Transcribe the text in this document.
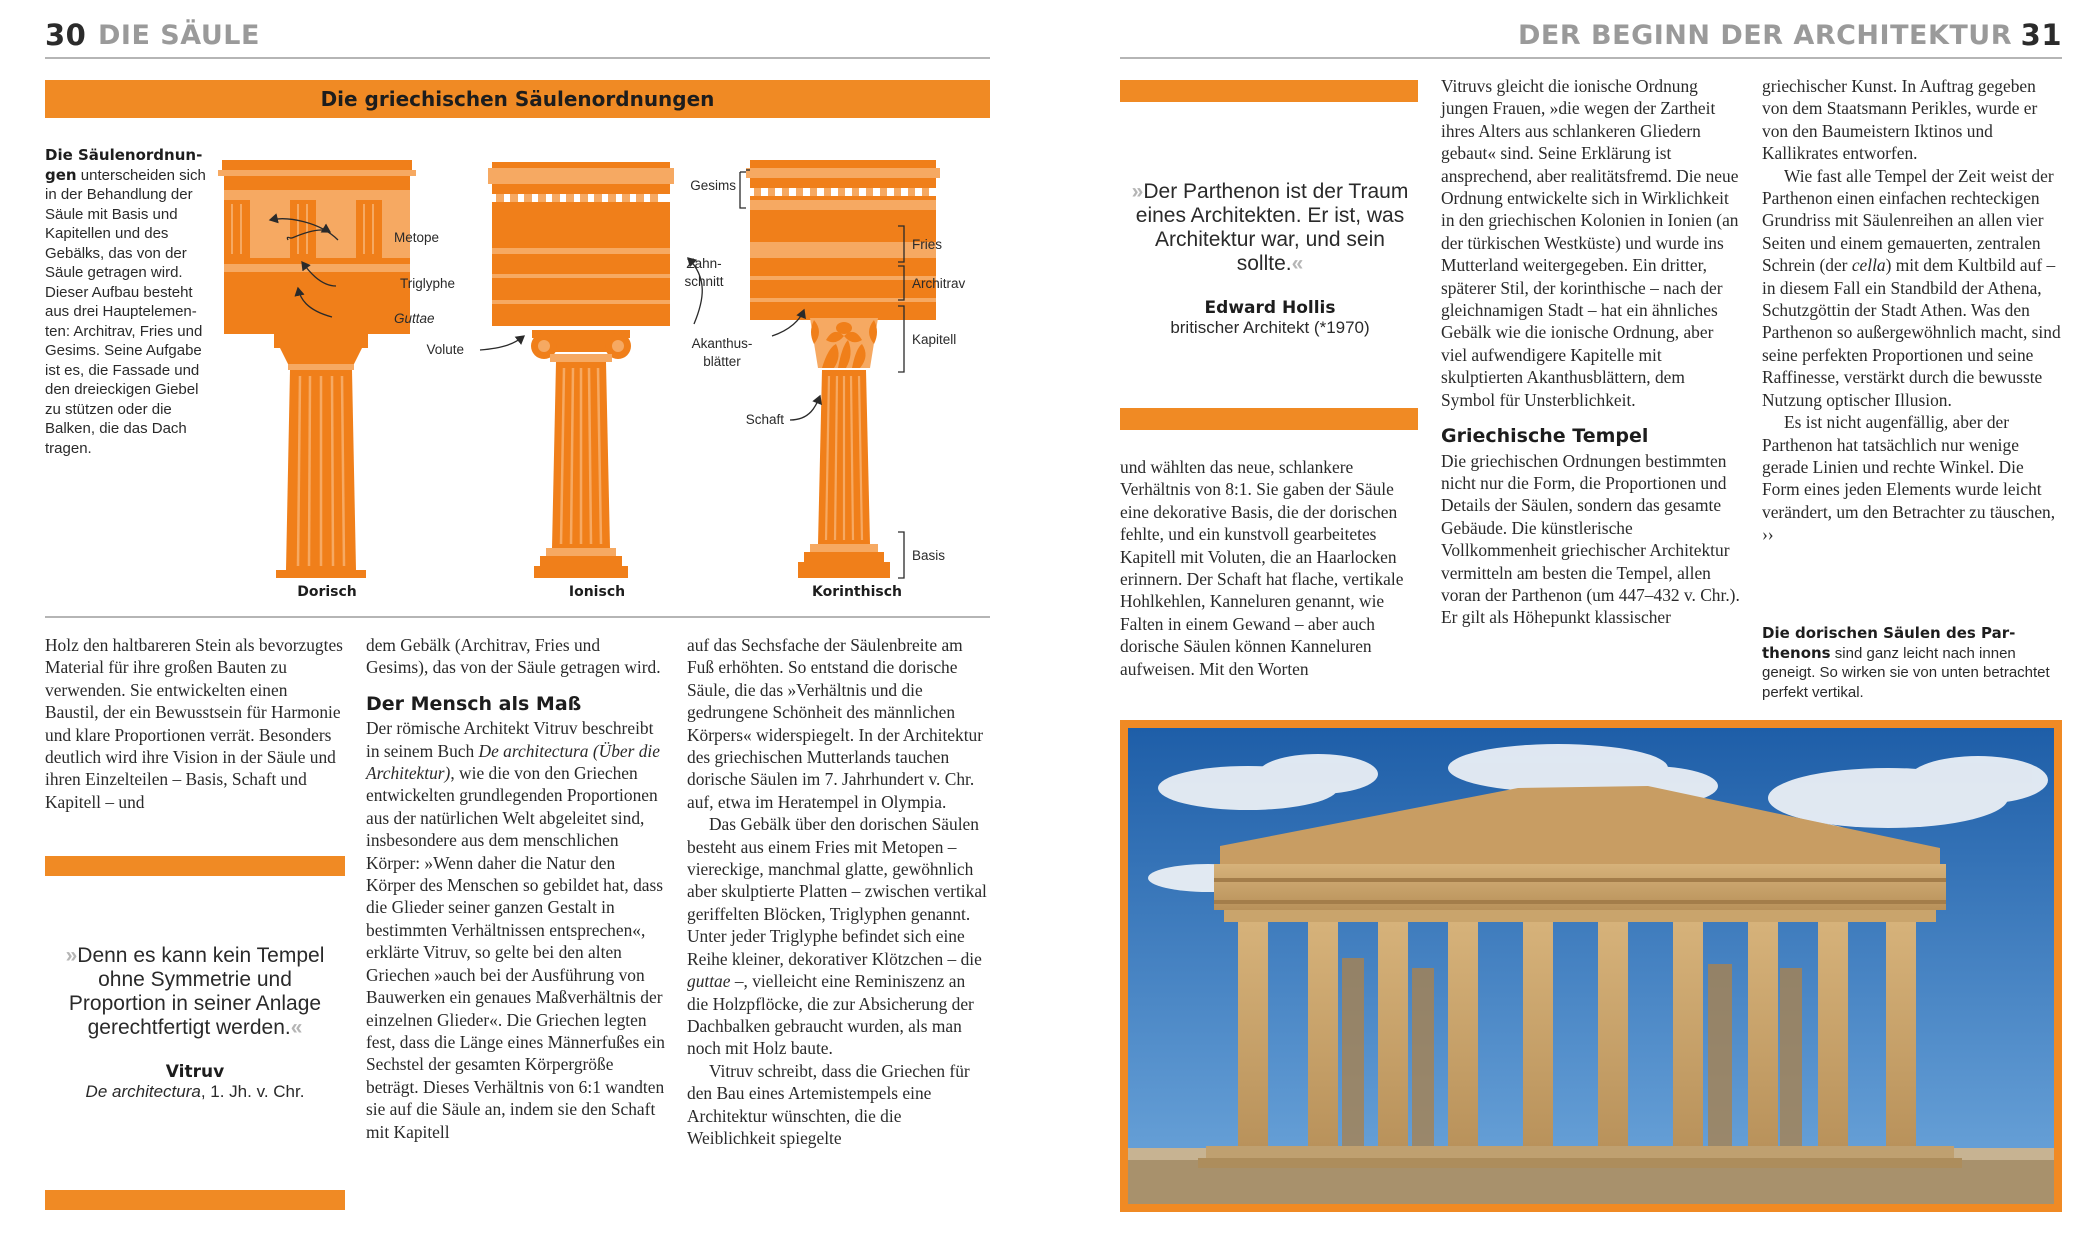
30 DIE SÄULE	DER BEGINN DER ARCHITEKTUR 31
Die griechischen Säulenordnungen
Die Säulenordnungen unterscheiden sich in der Behandlung der Säule mit Basis und Kapitellen und des Gebälks, das von der Säule getragen wird. Dieser Aufbau besteht aus drei Hauptelementen: Architrav, Fries und Gesims. Seine Aufgabe ist es, die Fassade und den dreieckigen Giebel zu stützen oder die Balken, die das Dach tragen.
Metope
Triglyphe
Guttae
Volute
Gesims
Zahn-
schnitt
Akanthus-
blätter
Schaft
Fries
Architrav
Kapitell
Basis
Dorisch	Ionisch	Korinthisch

Holz den haltbareren Stein als bevorzugtes Material für ihre großen Bauten zu verwenden. Sie entwickelten einen Baustil, der ein Bewusstsein für Harmonie und klare Proportionen verrät. Besonders deutlich wird ihre Vision in der Säule und ihren Einzelteilen – Basis, Schaft und Kapitell – und

»Denn es kann kein Tempel ohne Symmetrie und Proportion in seiner Anlage gerechtfertigt werden.«
Vitruv
De architectura, 1. Jh. v. Chr.

dem Gebälk (Architrav, Fries und Gesims), das von der Säule getragen wird.

Der Mensch als Maß

Der römische Architekt Vitruv beschreibt in seinem Buch De architectura (Über die Architektur), wie die von den Griechen entwickelten grundlegenden Proportionen aus der natürlichen Welt abgeleitet sind, insbesondere aus dem menschlichen Körper: »Wenn daher die Natur den Körper des Menschen so gebildet hat, dass die Glieder seiner ganzen Gestalt in bestimmten Verhältnissen entsprechen«, erklärte Vitruv, so gelte bei den alten Griechen »auch bei der Ausführung von Bauwerken ein genaues Maßverhältnis der einzelnen Glieder«. Die Griechen legten fest, dass die Länge eines Männerfußes ein Sechstel der gesamten Körpergröße beträgt. Dieses Verhältnis von 6:1 wandten sie auf die Säule an, indem sie den Schaft mit Kapitell

auf das Sechsfache der Säulenbreite am Fuß erhöhten. So entstand die dorische Säule, die das »Verhältnis und die gedrungene Schönheit des männlichen Körpers« widerspiegelt. In der Architektur des griechischen Mutterlands tauchen dorische Säulen im 7. Jahrhundert v. Chr. auf, etwa im Heratempel in Olympia.

Das Gebälk über den dorischen Säulen besteht aus einem Fries mit Metopen – viereckige, manchmal glatte, gewöhnlich aber skulptierte Platten – zwischen vertikal geriffelten Blöcken, Triglyphen genannt. Unter jeder Triglyphe befindet sich eine Reihe kleiner, dekorativer Klötzchen – die guttae –, vielleicht eine Reminiszenz an die Holzpflöcke, die zur Absicherung der Dachbalken gebraucht wurden, als man noch mit Holz baute.

Vitruv schreibt, dass die Griechen für den Bau eines Artemistempels eine Architektur wünschten, die die Weiblichkeit spiegelte

»Der Parthenon ist der Traum eines Architekten. Er ist, was Architektur war, und sein sollte.«
Edward Hollis
britischer Architekt (*1970)

und wählten das neue, schlankere Verhältnis von 8:1. Sie gaben der Säule eine dekorative Basis, die der dorischen fehlte, und ein kunstvoll gearbeitetes Kapitell mit Voluten, die an Haarlocken erinnern. Der Schaft hat flache, vertikale Hohlkehlen, Kanneluren genannt, wie Falten in einem Gewand – aber auch dorische Säulen können Kanneluren aufweisen. Mit den Worten

Vitruvs gleicht die ionische Ordnung jungen Frauen, »die wegen der Zartheit ihres Alters aus schlankeren Gliedern gebaut« sind. Seine Erklärung ist ansprechend, aber realitätsfremd. Die neue Ordnung entwickelte sich in Wirklichkeit in den griechischen Kolonien in Ionien (an der türkischen Westküste) und wurde ins Mutterland weitergegeben. Ein dritter, späterer Stil, der korinthische – nach der gleichnamigen Stadt – hat ein ähnliches Gebälk wie die ionische Ordnung, aber viel aufwendigere Kapitelle mit skulptierten Akanthusblättern, dem Symbol für Unsterblichkeit.

Griechische Tempel

Die griechischen Ordnungen bestimmten nicht nur die Form, die Proportionen und Details der Säulen, sondern das gesamte Gebäude. Die künstlerische Vollkommenheit griechischer Architektur vermitteln am besten die Tempel, allen voran der Parthenon (um 447–432 v. Chr.). Er gilt als Höhepunkt klassischer

griechischer Kunst. In Auftrag gegeben von dem Staatsmann Perikles, wurde er von den Baumeistern Iktinos und Kallikrates entworfen.

Wie fast alle Tempel der Zeit weist der Parthenon einen einfachen rechteckigen Grundriss mit Säulenreihen an allen vier Seiten und einem gemauerten, zentralen Schrein (der cella) mit dem Kultbild auf – in diesem Fall ein Standbild der Athena, Schutzgöttin der Stadt Athen. Was den Parthenon so außergewöhnlich macht, sind seine perfekten Proportionen und seine Raffinesse, verstärkt durch die bewusste Nutzung optischer Illusion.

Es ist nicht augenfällig, aber der Parthenon hat tatsächlich nur wenige gerade Linien und rechte Winkel. Die Form eines jeden Elements wurde leicht verändert, um den Betrachter zu täuschen, ››

Die dorischen Säulen des Parthenons sind ganz leicht nach innen geneigt. So wirken sie von unten betrachtet perfekt vertikal.
